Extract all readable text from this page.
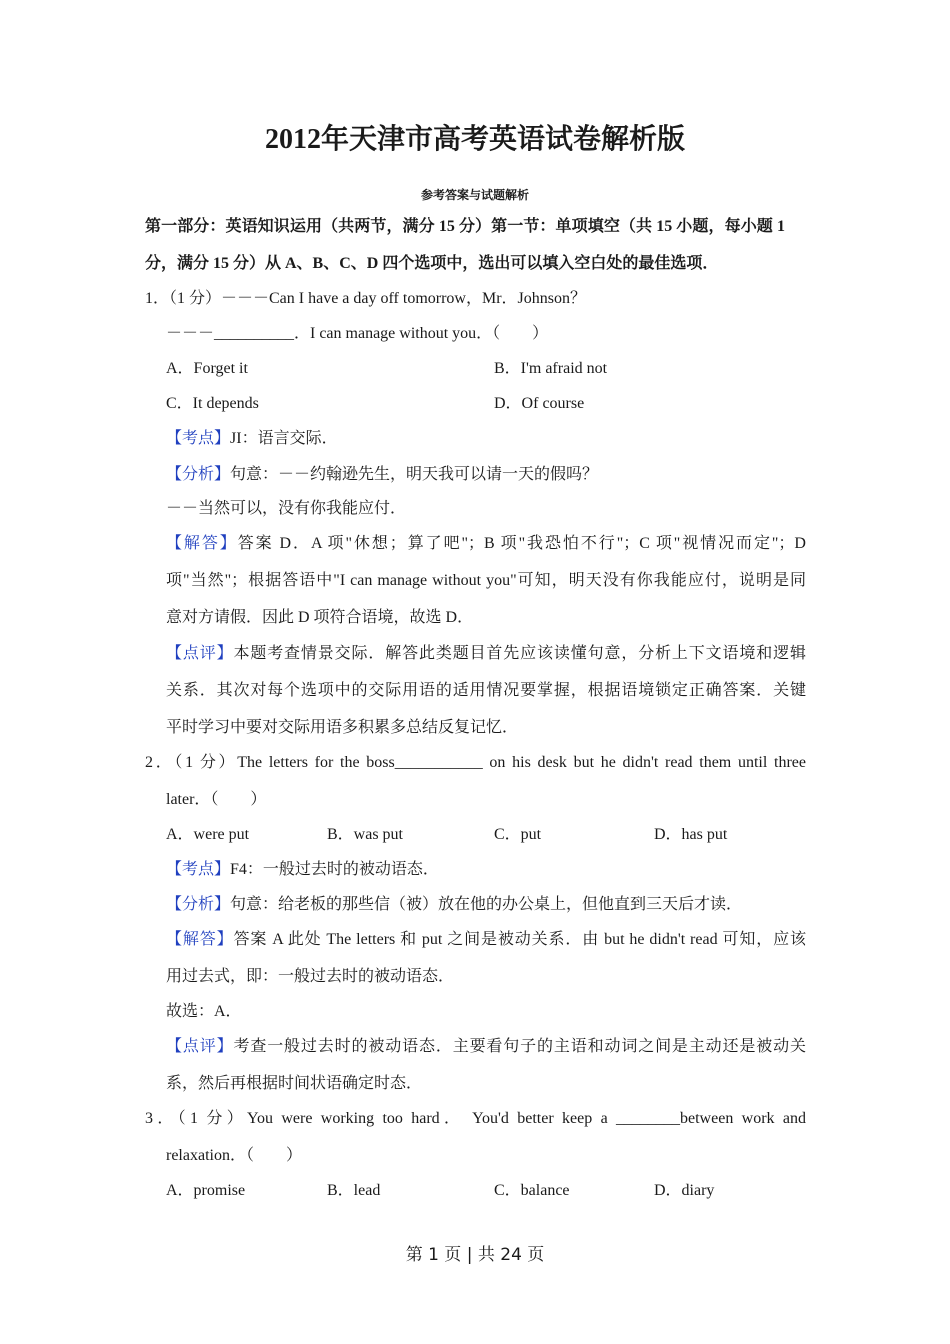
2012年天津市高考英语试卷解析版
参考答案与试题解析
第一部分：英语知识运用（共两节，满分 15 分）第一节：单项填空（共 15 小题，每小题 1
分，满分 15 分）从 A、B、C、D 四个选项中，选出可以填入空白处的最佳选项．
1．（1 分）－－－Can I have a day off tomorrow，Mr．Johnson？
－－－__________．I can manage without you．（　　）
A．Forget it	B．I'm afraid not
C．It depends	D．Of course
【考点】JI：语言交际．
【分析】句意：－－约翰逊先生，明天我可以请一天的假吗？
－－当然可以，没有你我能应付．
【解答】答案 D．A 项"休想；算了吧"；B 项"我恐怕不行"；C 项"视情况而定"；D
项"当然"；根据答语中"I can manage without you"可知，明天没有你我能应付，说明是同
意对方请假．因此 D 项符合语境，故选 D．
【点评】本题考查情景交际．解答此类题目首先应该读懂句意，分析上下文语境和逻辑
关系．其次对每个选项中的交际用语的适用情况要掌握，根据语境锁定正确答案．关键
平时学习中要对交际用语多积累多总结反复记忆．
2．（1 分）The letters for the boss___________ on his desk but he didn't read them until three
later．（　　）
A．were put	B．was put	C．put	D．has put
【考点】F4：一般过去时的被动语态．
【分析】句意：给老板的那些信（被）放在他的办公桌上，但他直到三天后才读．
【解答】答案 A 此处 The letters 和 put 之间是被动关系．由 but he didn't read 可知，应该
用过去式，即：一般过去时的被动语态．
故选：A．
【点评】考查一般过去时的被动语态．主要看句子的主语和动词之间是主动还是被动关
系，然后再根据时间状语确定时态．
3．（1 分）You were working too hard． You'd better keep a ________between work and
relaxation．（　　）
A．promise	B．lead	C．balance	D．diary
第 1 页 | 共 24 页
